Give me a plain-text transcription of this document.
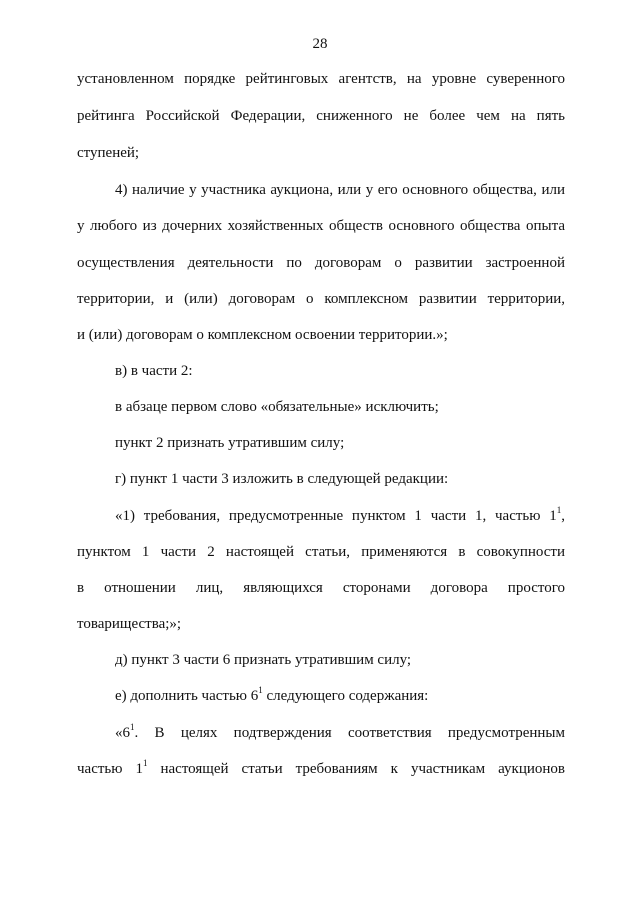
28
установленном порядке рейтинговых агентств, на уровне суверенного
рейтинга Российской Федерации, сниженного не более чем на пять
ступеней;
4) наличие у участника аукциона, или у его основного общества, или
у любого из дочерних хозяйственных обществ основного общества опыта
осуществления деятельности по договорам о развитии застроенной
территории, и (или) договорам о комплексном развитии территории,
и (или) договорам о комплексном освоении территории.»;
в) в части 2:
в абзаце первом слово «обязательные» исключить;
пункт 2 признать утратившим силу;
г) пункт 1 части 3 изложить в следующей редакции:
«1) требования, предусмотренные пунктом 1 части 1, частью $1^1$,
пунктом 1 части 2 настоящей статьи, применяются в совокупности
в отношении лиц, являющихся сторонами договора простого
товарищества;»;
д) пункт 3 части 6 признать утратившим силу;
е) дополнить частью $6^1$ следующего содержания:
«$6^1$. В целях подтверждения соответствия предусмотренным
частью $1^1$ настоящей статьи требованиям к участникам аукционов
